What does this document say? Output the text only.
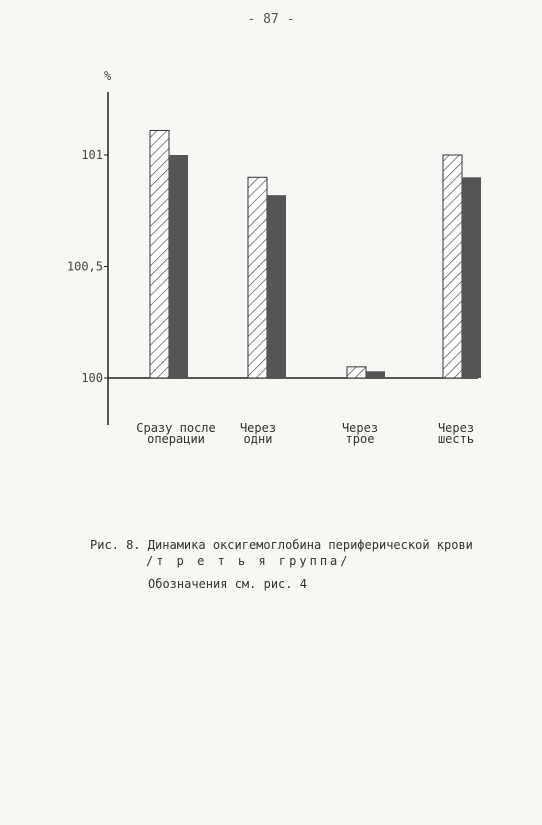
- 87 -
%
100
100,5
101
Сразу после
операции
Через
одни
Через
трое
Через
шесть
Рис. 8. Динамика оксигемоглобина периферической крови
/т р е т ь я группа/
Обозначения см. рис. 4
